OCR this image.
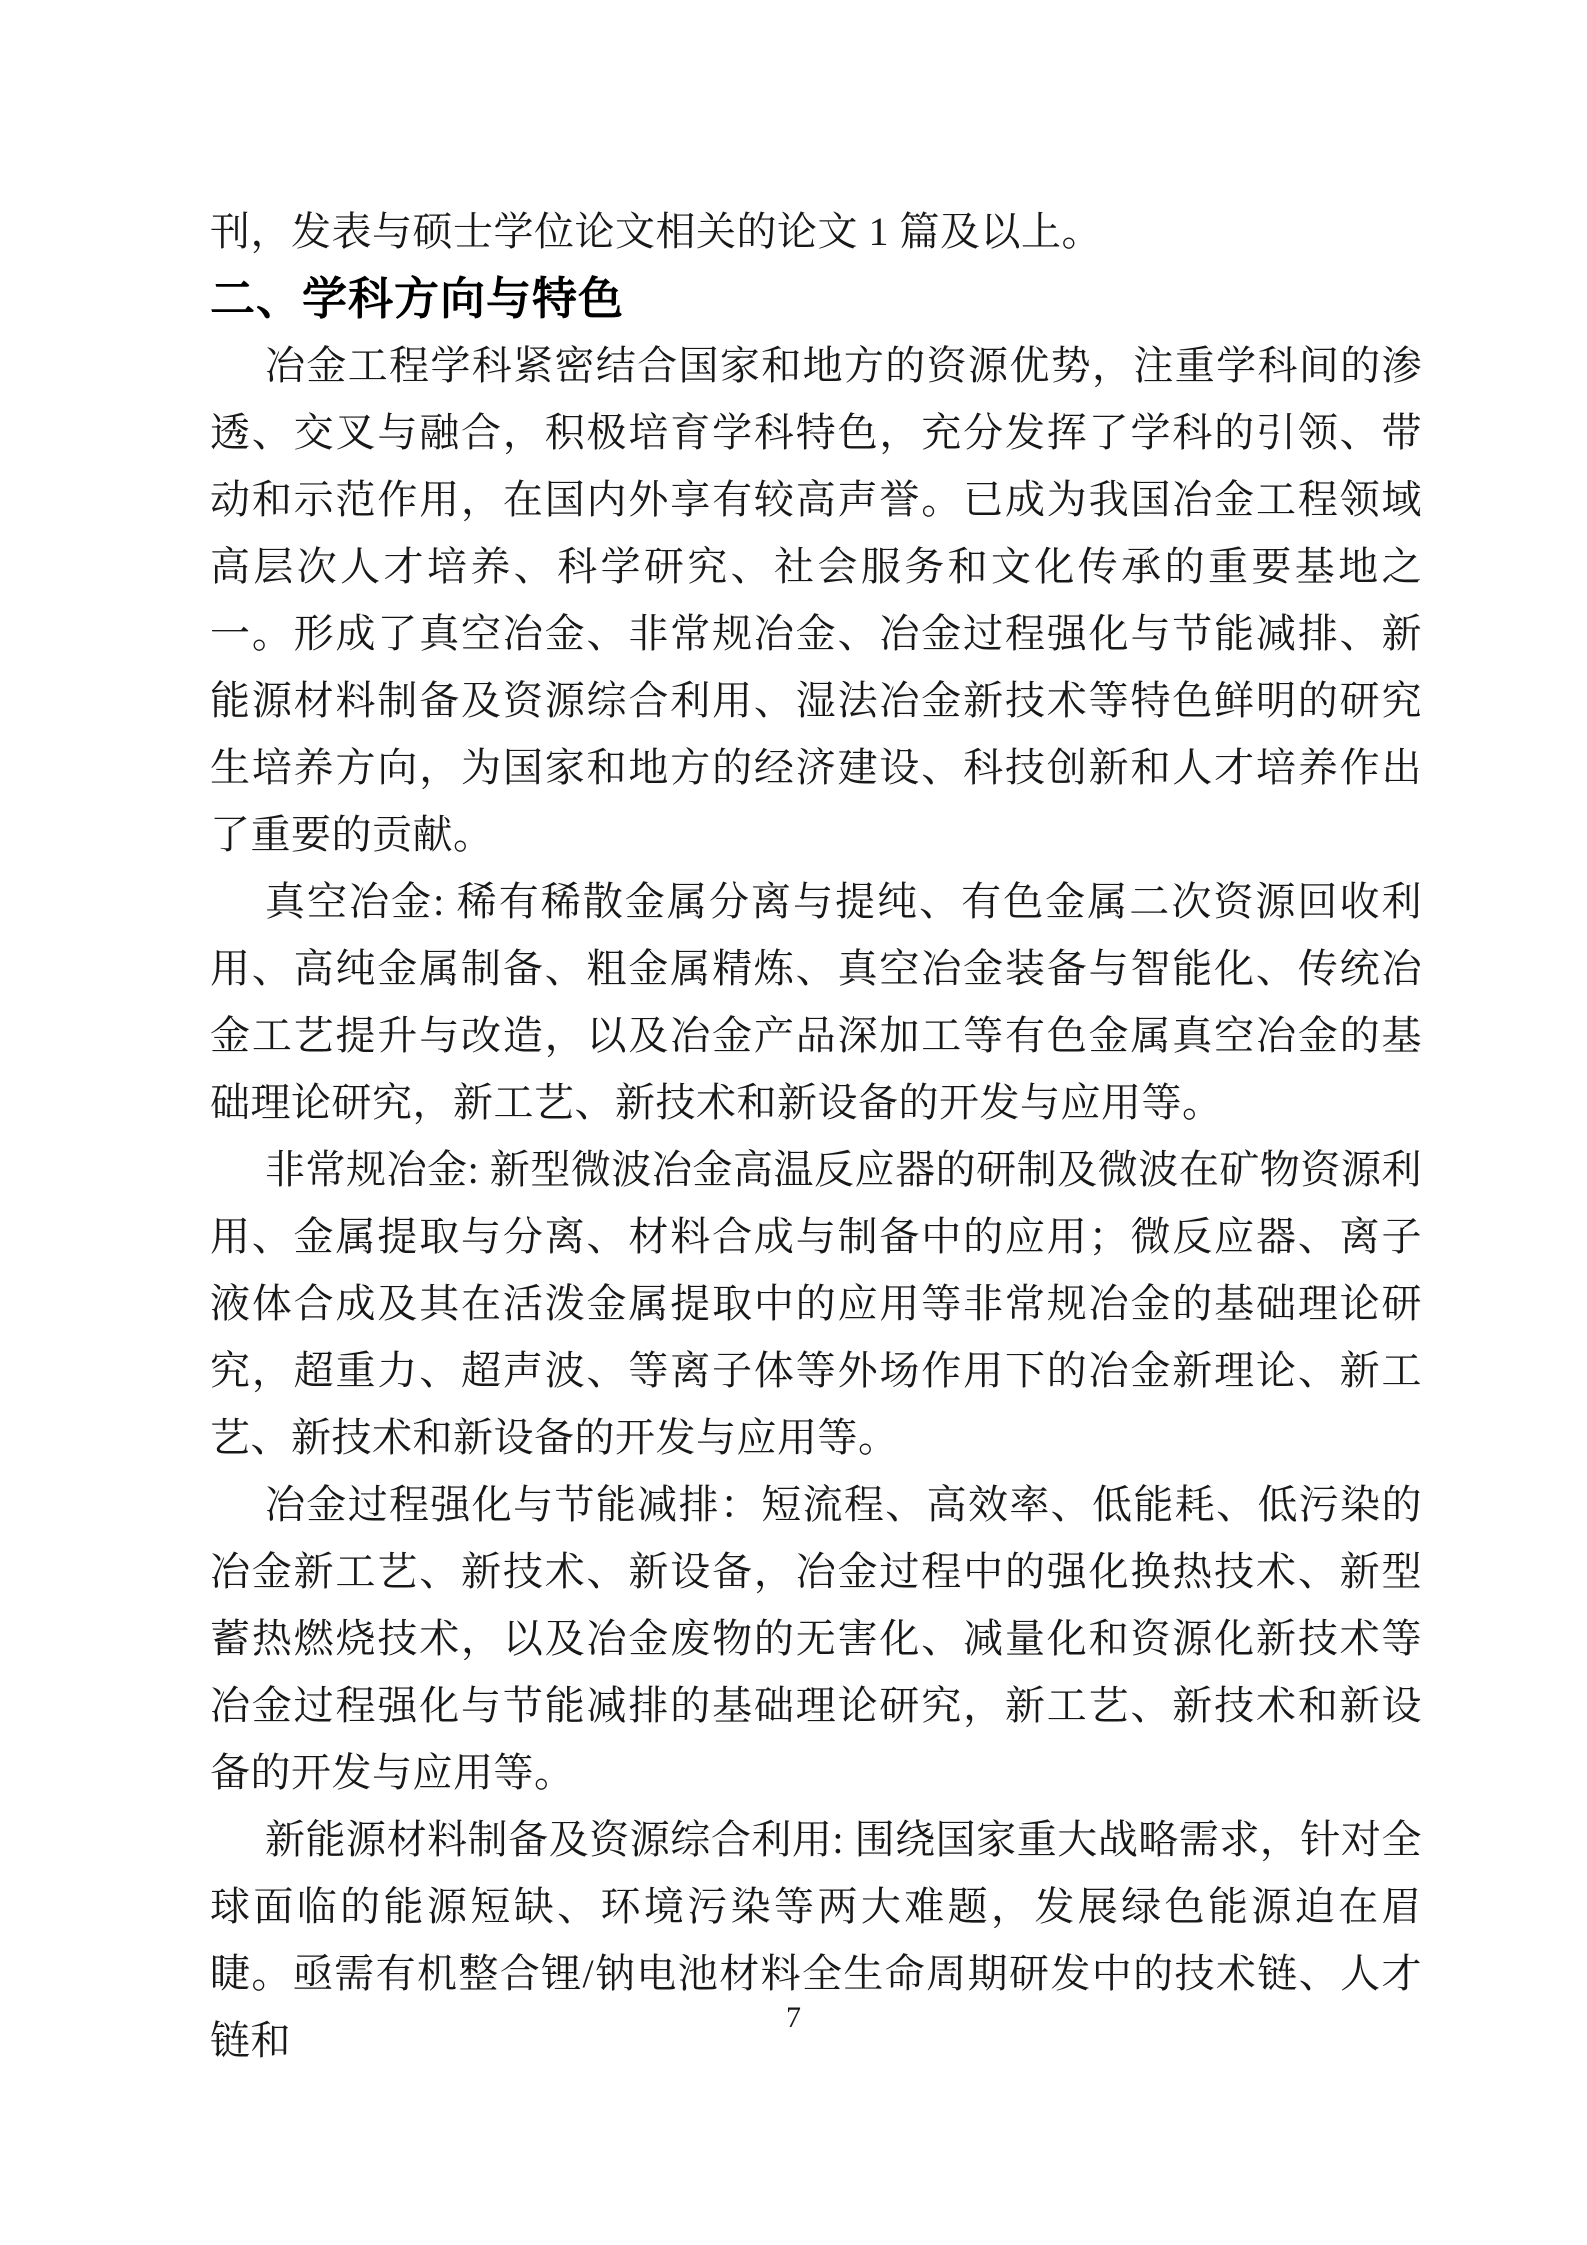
刊，发表与硕士学位论文相关的论文 1 篇及以上。

二、学科方向与特色

冶金工程学科紧密结合国家和地方的资源优势，注重学科间的渗透、交叉与融合，积极培育学科特色，充分发挥了学科的引领、带动和示范作用，在国内外享有较高声誉。已成为我国冶金工程领域高层次人才培养、科学研究、社会服务和文化传承的重要基地之一。形成了真空冶金、非常规冶金、冶金过程强化与节能减排、新能源材料制备及资源综合利用、湿法冶金新技术等特色鲜明的研究生培养方向，为国家和地方的经济建设、科技创新和人才培养作出了重要的贡献。

真空冶金: 稀有稀散金属分离与提纯、有色金属二次资源回收利用、高纯金属制备、粗金属精炼、真空冶金装备与智能化、传统冶金工艺提升与改造，以及冶金产品深加工等有色金属真空冶金的基础理论研究，新工艺、新技术和新设备的开发与应用等。

非常规冶金: 新型微波冶金高温反应器的研制及微波在矿物资源利用、金属提取与分离、材料合成与制备中的应用；微反应器、离子液体合成及其在活泼金属提取中的应用等非常规冶金的基础理论研究，超重力、超声波、等离子体等外场作用下的冶金新理论、新工艺、新技术和新设备的开发与应用等。

冶金过程强化与节能减排：短流程、高效率、低能耗、低污染的冶金新工艺、新技术、新设备，冶金过程中的强化换热技术、新型蓄热燃烧技术，以及冶金废物的无害化、减量化和资源化新技术等冶金过程强化与节能减排的基础理论研究，新工艺、新技术和新设备的开发与应用等。

新能源材料制备及资源综合利用: 围绕国家重大战略需求，针对全球面临的能源短缺、环境污染等两大难题，发展绿色能源迫在眉睫。亟需有机整合锂/钠电池材料全生命周期研发中的技术链、人才链和

7
